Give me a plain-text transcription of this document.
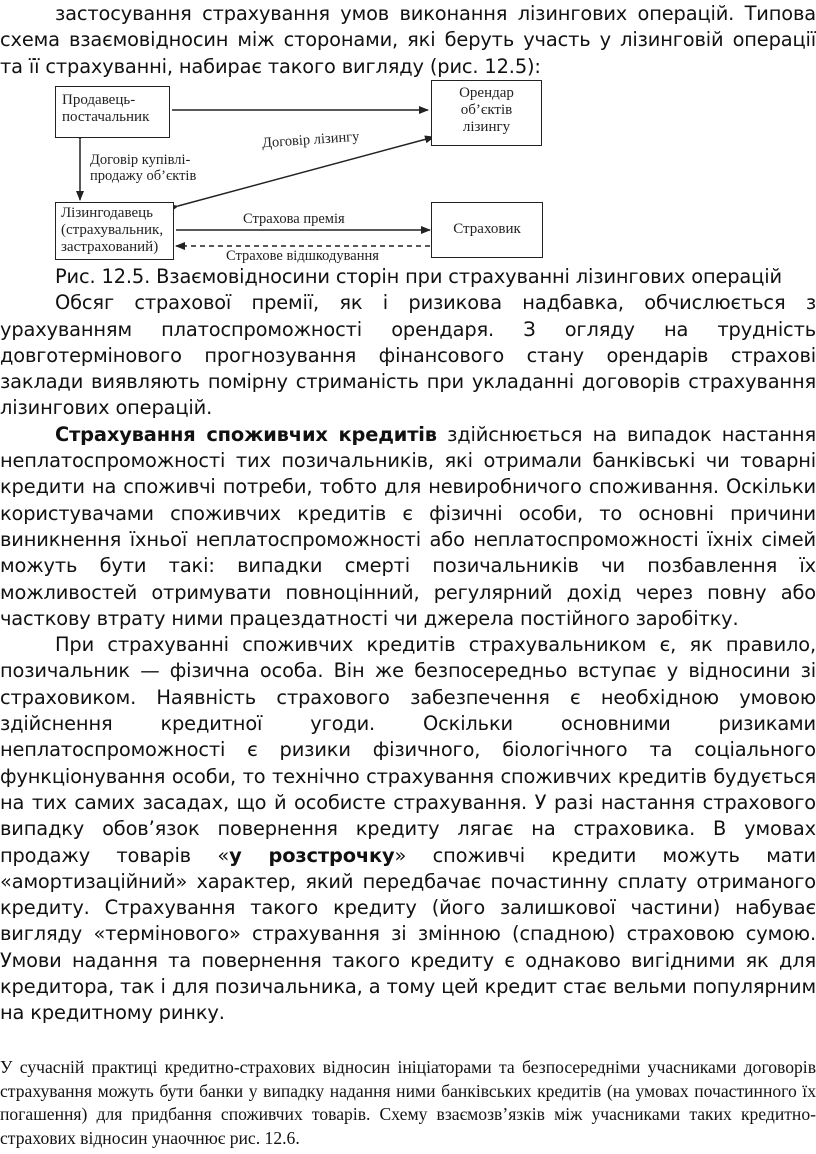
застосування страхування умов виконання лізингових операцій. Типова схема взаємовідносин між сторонами, які беруть участь у лізинговій операції та її страхуванні, набирає такого вигляду (рис. 12.5):

Продавець-постачальник
Орендар об’єктів лізингу
Лізингодавець (страхувальник, застрахований)
Страховик
Договір лізингу
Договір купівлі-продажу об’єктів
Страхова премія
Страхове відшкодування

Рис. 12.5. Взаємовідносини сторін при страхуванні лізингових операцій

Обсяг страхової премії, як і ризикова надбавка, обчислюється з урахуванням платоспроможності орендаря. З огляду на трудність довготермінового прогнозування фінансового стану орендарів страхові заклади виявляють помірну стриманість при укладанні договорів страхування лізингових операцій.

Страхування споживчих кредитів здійснюється на випадок настання неплатоспроможності тих позичальників, які отримали банківські чи товарні кредити на споживчі потреби, тобто для невиробничого споживання. Оскільки користувачами споживчих кредитів є фізичні особи, то основні причини виникнення їхньої неплатоспроможності або неплатоспроможності їхніх сімей можуть бути такі: випадки смерті позичальників чи позбавлення їх можливостей отримувати повноцінний, регулярний дохід через повну або часткову втрату ними працездатності чи джерела постійного заробітку.

При страхуванні споживчих кредитів страхувальником є, як правило, позичальник — фізична особа. Він же безпосередньо вступає у відносини зі страховиком. Наявність страхового забезпечення є необхідною умовою здійснення кредитної угоди. Оскільки основними ризиками неплатоспроможності є ризики фізичного, біологічного та соціального функціонування особи, то технічно страхування споживчих кредитів будується на тих самих засадах, що й особисте страхування. У разі настання страхового випадку обов’язок повернення кредиту лягає на страховика. В умовах продажу товарів «у розстрочку» споживчі кредити можуть мати «амортизаційний» характер, який передбачає почастинну сплату отриманого кредиту. Страхування такого кредиту (його залишкової частини) набуває вигляду «термінового» страхування зі змінною (спадною) страховою сумою. Умови надання та повернення такого кредиту є однаково вигідними як для кредитора, так і для позичальника, а тому цей кредит стає вельми популярним на кредитному ринку.

У сучасній практиці кредитно-страхових відносин ініціаторами та безпосередніми учасниками договорів страхування можуть бути банки у випадку надання ними банківських кредитів (на умовах почастинного їх погашення) для придбання споживчих товарів. Схему взаємозв’язків між учасниками таких кредитно-страхових відносин унаочнює рис. 12.6.
